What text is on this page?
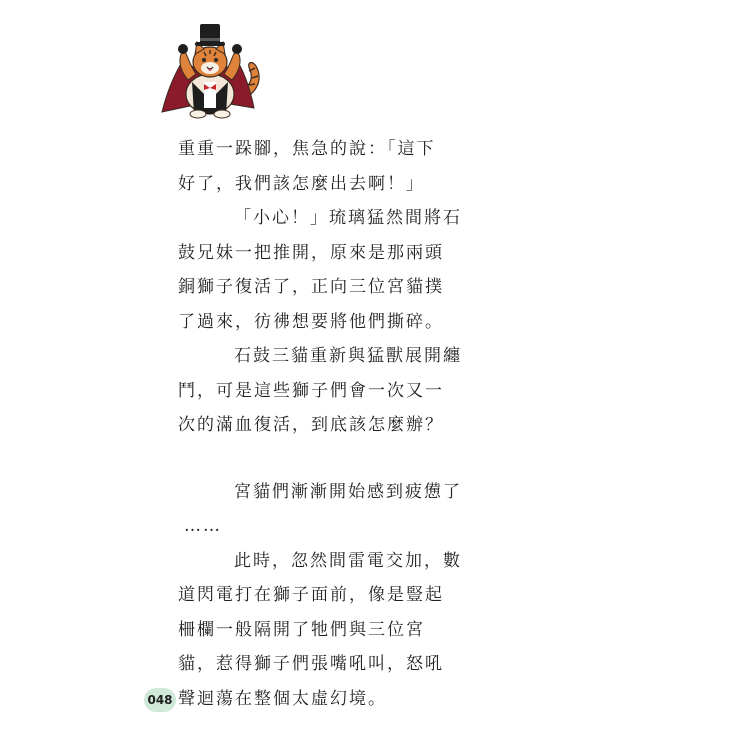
重重一跺腳，焦急的說：「這下
好了，我們該怎麼出去啊！」
「小心！」琉璃猛然間將石
鼓兄妹一把推開，原來是那兩頭
銅獅子復活了，正向三位宮貓撲
了過來，彷彿想要將他們撕碎。
石鼓三貓重新與猛獸展開纏
鬥，可是這些獅子們會一次又一
次的滿血復活，到底該怎麼辦？
宮貓們漸漸開始感到疲憊了
……
此時，忽然間雷電交加，數
道閃電打在獅子面前，像是豎起
柵欄一般隔開了牠們與三位宮
貓，惹得獅子們張嘴吼叫，怒吼
聲迴蕩在整個太虛幻境。
048
